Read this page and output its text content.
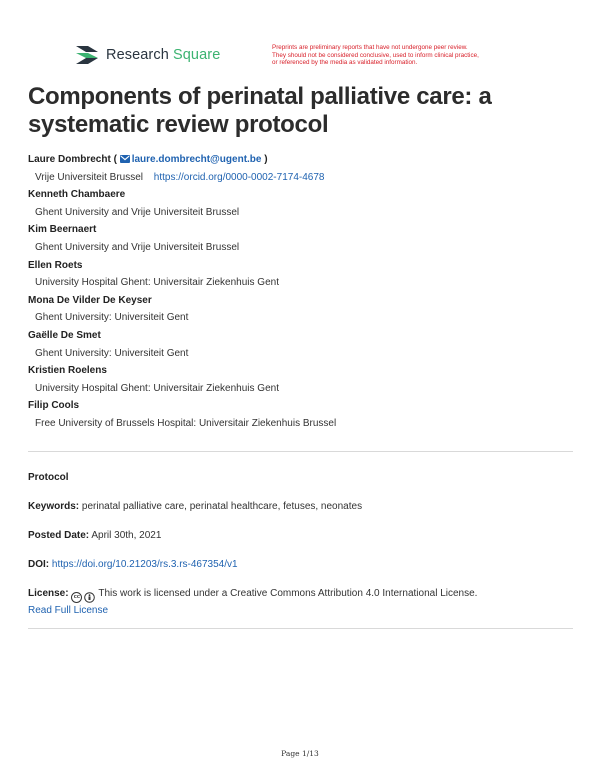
Research Square	Preprints are preliminary reports that have not undergone peer review.
They should not be considered conclusive, used to inform clinical practice,
or referenced by the media as validated information.
Components of perinatal palliative care: a systematic review protocol
Laure Dombrecht ( laure.dombrecht@ugent.be )
Vrije Universiteit Brussel https://orcid.org/0000-0002-7174-4678
Kenneth Chambaere
Ghent University and Vrije Universiteit Brussel
Kim Beernaert
Ghent University and Vrije Universiteit Brussel
Ellen Roets
University Hospital Ghent: Universitair Ziekenhuis Gent
Mona De Vilder De Keyser
Ghent University: Universiteit Gent
Gaëlle De Smet
Ghent University: Universiteit Gent
Kristien Roelens
University Hospital Ghent: Universitair Ziekenhuis Gent
Filip Cools
Free University of Brussels Hospital: Universitair Ziekenhuis Brussel
Protocol
Keywords: perinatal palliative care, perinatal healthcare, fetuses, neonates
Posted Date: April 30th, 2021
DOI: https://doi.org/10.21203/rs.3.rs-467354/v1
License: cc This work is licensed under a Creative Commons Attribution 4.0 International License.
Read Full License
Page 1/13
